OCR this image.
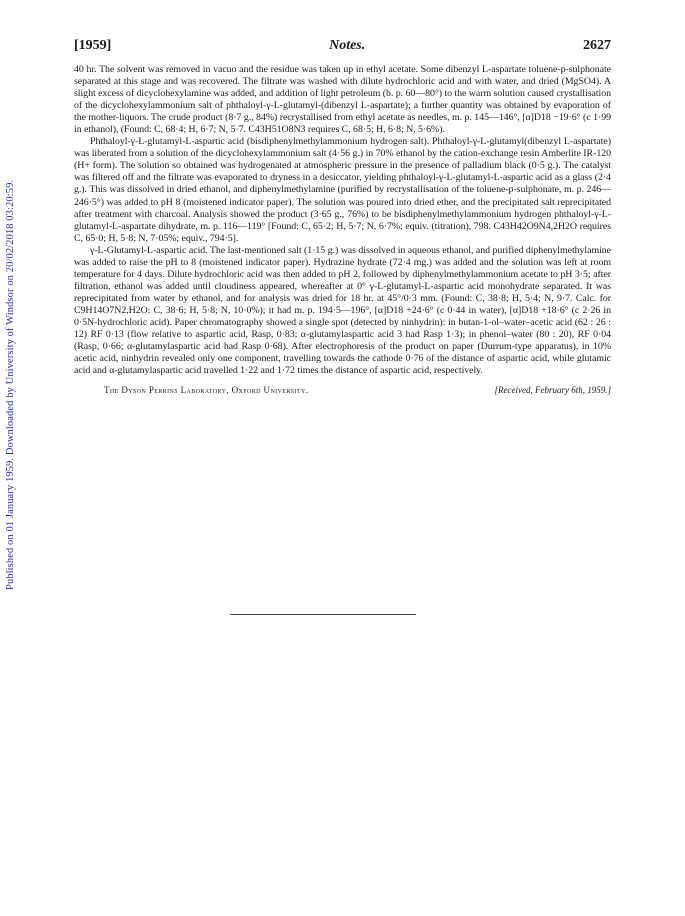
Published on 01 January 1959. Downloaded by University of Windsor on 20/02/2018 03:20:59.
[1959]	Notes.	2627

40 hr. The solvent was removed in vacuo and the residue was taken up in ethyl acetate. Some dibenzyl L-aspartate toluene-p-sulphonate separated at this stage and was recovered. The filtrate was washed with dilute hydrochloric acid and with water, and dried (MgSO4). A slight excess of dicyclohexylamine was added, and addition of light petroleum (b. p. 60—80°) to the warm solution caused crystallisation of the dicyclohexylammonium salt of phthaloyl-γ-L-glutamyl-(dibenzyl L-aspartate); a further quantity was obtained by evaporation of the mother-liquors. The crude product (8·7 g., 84%) recrystallised from ethyl acetate as needles, m. p. 145—146°, [α]D18 −19·6° (c 1·99 in ethanol), (Found: C, 68·4; H, 6·7; N, 5·7. C43H51O8N3 requires C, 68·5; H, 6·8; N, 5·6%).

Phthaloyl-γ-L-glutamyl-L-aspartic acid (bisdiphenylmethylammonium hydrogen salt). Phthaloyl-γ-L-glutamyl(dibenzyl L-aspartate) was liberated from a solution of the dicyclohexylammonium salt (4·56 g.) in 70% ethanol by the cation-exchange resin Amberlite IR-120 (H+ form). The solution so obtained was hydrogenated at atmospheric pressure in the presence of palladium black (0·5 g.). The catalyst was filtered off and the filtrate was evaporated to dryness in a desiccator, yielding phthaloyl-γ-L-glutamyl-L-aspartic acid as a glass (2·4 g.). This was dissolved in dried ethanol, and diphenylmethylamine (purified by recrystallisation of the toluene-p-sulphonate, m. p. 246—246·5°) was added to pH 8 (moistened indicator paper). The solution was poured into dried ether, and the precipitated salt reprecipitated after treatment with charcoal. Analysis showed the product (3·65 g., 76%) to be bisdiphenylmethylammonium hydrogen phthaloyl-γ-L-glutamyl-L-aspartate dihydrate, m. p. 116—119° [Found: C, 65·2; H, 5·7; N, 6·7%; equiv. (titration), 798. C43H42O9N4,2H2O requires C, 65·0; H, 5·8; N, 7·05%; equiv., 794·5].

γ-L-Glutamyl-L-aspartic acid. The last-mentioned salt (1·15 g.) was dissolved in aqueous ethanol, and purified diphenylmethylamine was added to raise the pH to 8 (moistened indicator paper). Hydrazine hydrate (72·4 mg.) was added and the solution was left at room temperature for 4 days. Dilute hydrochloric acid was then added to pH 2, followed by diphenylmethylammonium acetate to pH 3·5; after filtration, ethanol was added until cloudiness appeared, whereafter at 0° γ-L-glutamyl-L-aspartic acid monohydrate separated. It was reprecipitated from water by ethanol, and for analysis was dried for 18 hr. at 45°/0·3 mm. (Found: C, 38·8; H, 5·4; N, 9·7. Calc. for C9H14O7N2,H2O: C, 38·6; H, 5·8; N, 10·0%); it had m. p. 194·5—196°, [α]D18 +24·6° (c 0·44 in water), [α]D18 +18·6° (c 2·26 in 0·5N-hydrochloric acid). Paper chromatography showed a single spot (detected by ninhydrin): in butan-1-ol–water–acetic acid (62 : 26 : 12) RF 0·13 (flow relative to aspartic acid, Rasp, 0·83; α-glutamylaspartic acid 3 had Rasp 1·3); in phenol–water (80 : 20), RF 0·04 (Rasp, 0·66; α-glutamylaspartic acid had Rasp 0·68). After electrophoresis of the product on paper (Durrum-type apparatus), in 10% acetic acid, ninhydrin revealed only one component, travelling towards the cathode 0·76 of the distance of aspartic acid, while glutamic acid and α-glutamylaspartic acid travelled 1·22 and 1·72 times the distance of aspartic acid, respectively.

The Dyson Perrins Laboratory, Oxford University.	[Received, February 6th, 1959.]
